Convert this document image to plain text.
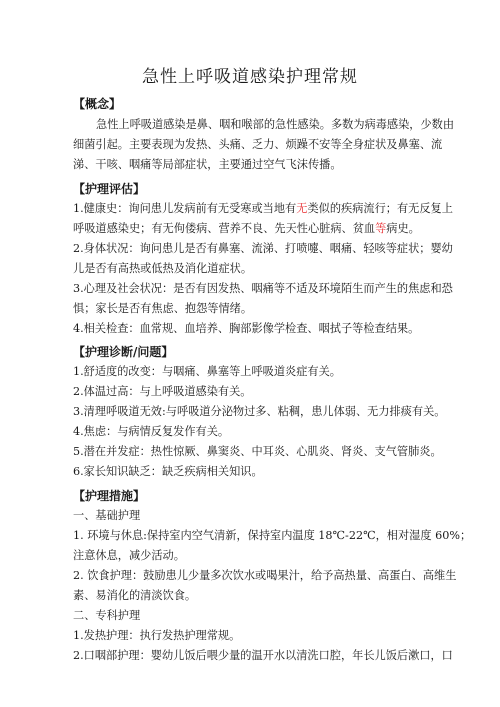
急性上呼吸道感染护理常规
【概念】
急性上呼吸道感染是鼻、咽和喉部的急性感染。多数为病毒感染，少数由
细菌引起。主要表现为发热、头痛、乏力、烦躁不安等全身症状及鼻塞、流
涕、干咳、咽痛等局部症状，主要通过空气飞沫传播。
【护理评估】
1.健康史：询问患儿发病前有无受寒或当地有无类似的疾病流行；有无反复上
呼吸道感染史；有无佝偻病、营养不良、先天性心脏病、贫血等病史。
2.身体状况：询问患儿是否有鼻塞、流涕、打喷嚏、咽痛、轻咳等症状；婴幼
儿是否有高热或低热及消化道症状。
3.心理及社会状况：是否有因发热、咽痛等不适及环境陌生而产生的焦虑和恐
惧；家长是否有焦虑、抱怨等情绪。
4.相关检查：血常规、血培养、胸部影像学检查、咽拭子等检查结果。
【护理诊断/问题】
1.舒适度的改变：与咽痛、鼻塞等上呼吸道炎症有关。
2.体温过高：与上呼吸道感染有关。
3.清理呼吸道无效:与呼吸道分泌物过多、粘稠，患儿体弱、无力排痰有关。
4.焦虑：与病情反复发作有关。
5.潜在并发症：热性惊厥、鼻窦炎、中耳炎、心肌炎、肾炎、支气管肺炎。
6.家长知识缺乏：缺乏疾病相关知识。
【护理措施】
一、基础护理
1. 环境与休息:保持室内空气清新，保持室内温度 18℃-22℃，相对湿度 60%；
注意休息，减少活动。
2. 饮食护理：鼓励患儿少量多次饮水或喝果汁，给予高热量、高蛋白、高维生
素、易消化的清淡饮食。
二、专科护理
1.发热护理：执行发热护理常规。
2.口咽部护理：婴幼儿饭后喂少量的温开水以清洗口腔，年长儿饭后漱口，口
